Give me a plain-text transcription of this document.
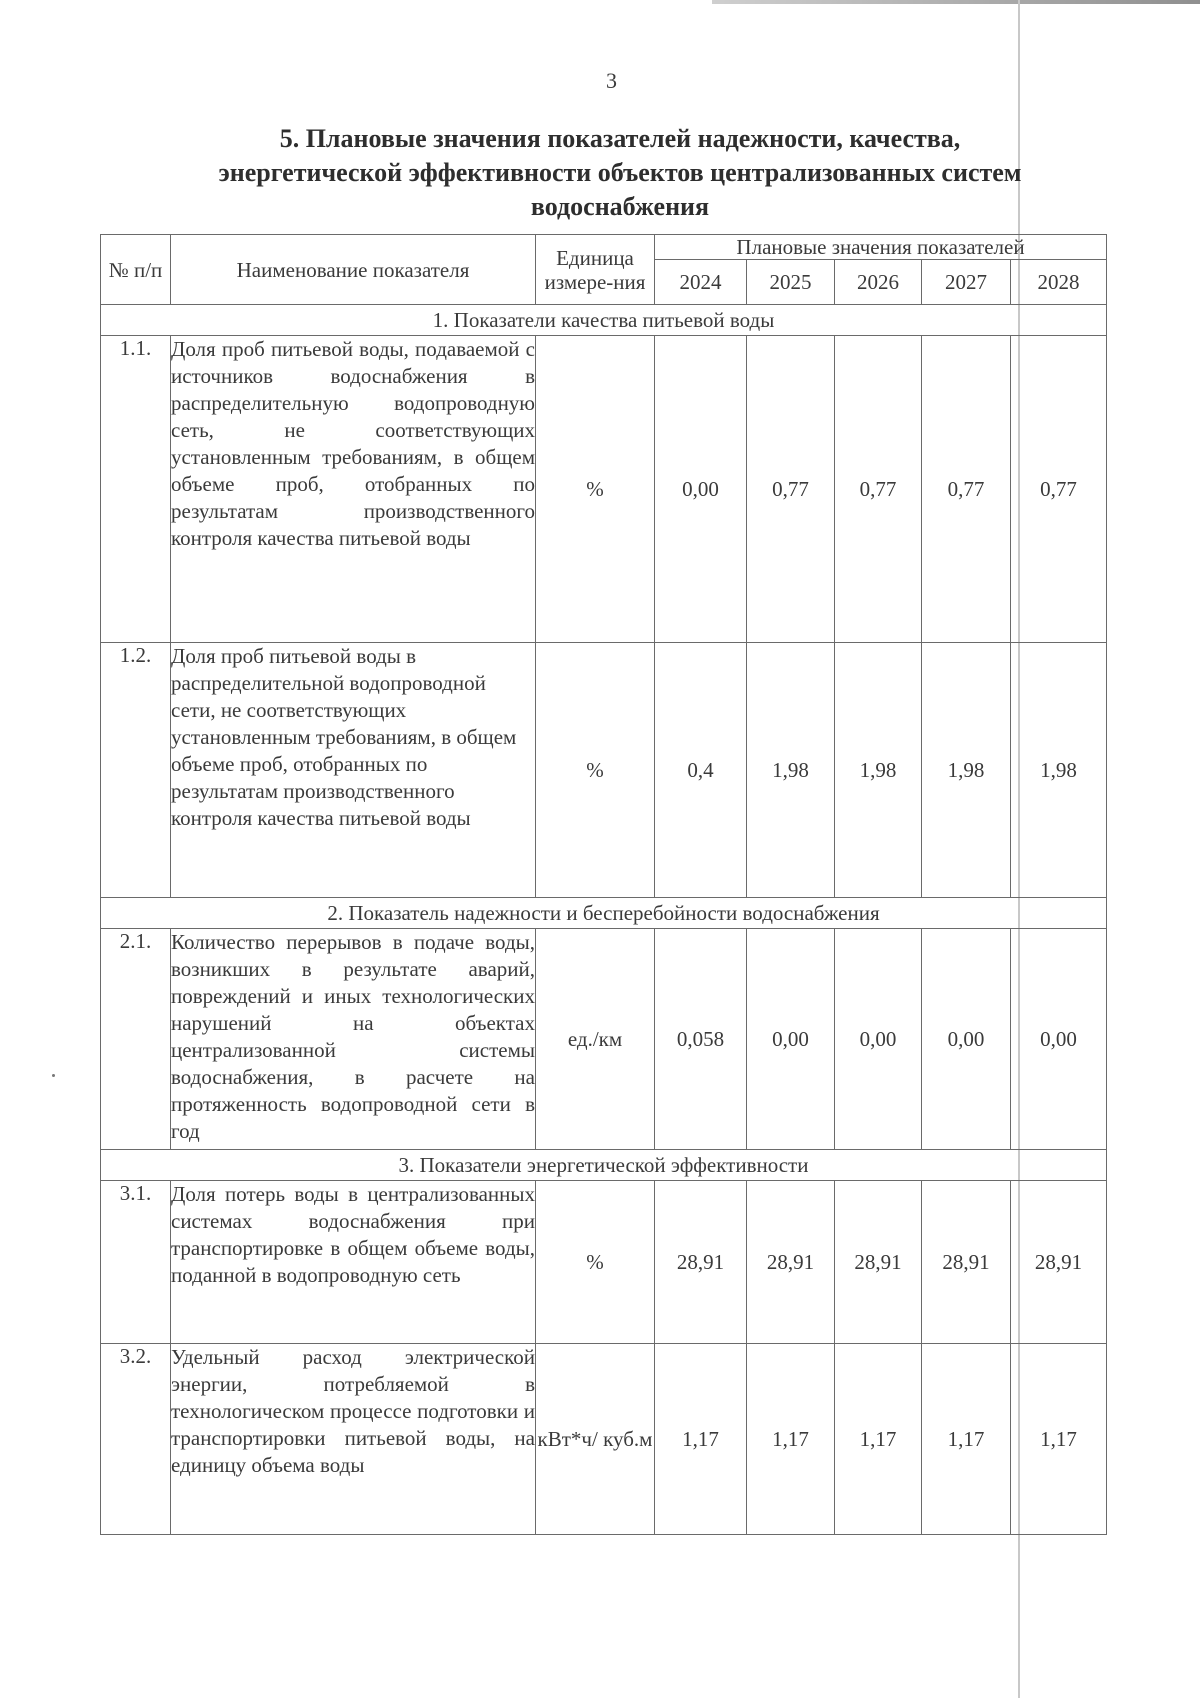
3
5. Плановые значения показателей надежности, качества, энергетической эффективности объектов централизованных систем водоснабжения
№ п/п	Наименование показателя	Единица измере-ния	Плановые значения показателей				
			2024	2025	2026	2027	2028
1. Показатели качества питьевой воды							
1.1.	Доля проб питьевой воды, подаваемой с источников водоснабжения в распределительную водопроводную сеть, не соответствующих установленным требованиям, в общем объеме проб, отобранных по результатам производственного контроля качества питьевой воды	%	0,00	0,77	0,77	0,77	0,77
1.2.	Доля проб питьевой воды в распределительной водопроводной сети, не соответствующих установленным требованиям, в общем объеме проб, отобранных по результатам производственного контроля качества питьевой воды	%	0,4	1,98	1,98	1,98	1,98
2. Показатель надежности и бесперебойности водоснабжения							
2.1.	Количество перерывов в подаче воды, возникших в результате аварий, повреждений и иных технологических нарушений на объектах централизованной системы водоснабжения, в расчете на протяженность водопроводной сети в год	ед./км	0,058	0,00	0,00	0,00	0,00
3. Показатели энергетической эффективности							
3.1.	Доля потерь воды в централизованных системах водоснабжения при транспортировке в общем объеме воды, поданной в водопроводную сеть	%	28,91	28,91	28,91	28,91	28,91
3.2.	Удельный расход электрической энергии, потребляемой в технологическом процессе подготовки и транспортировки питьевой воды, на единицу объема воды	кВт*ч/ куб.м	1,17	1,17	1,17	1,17	1,17
